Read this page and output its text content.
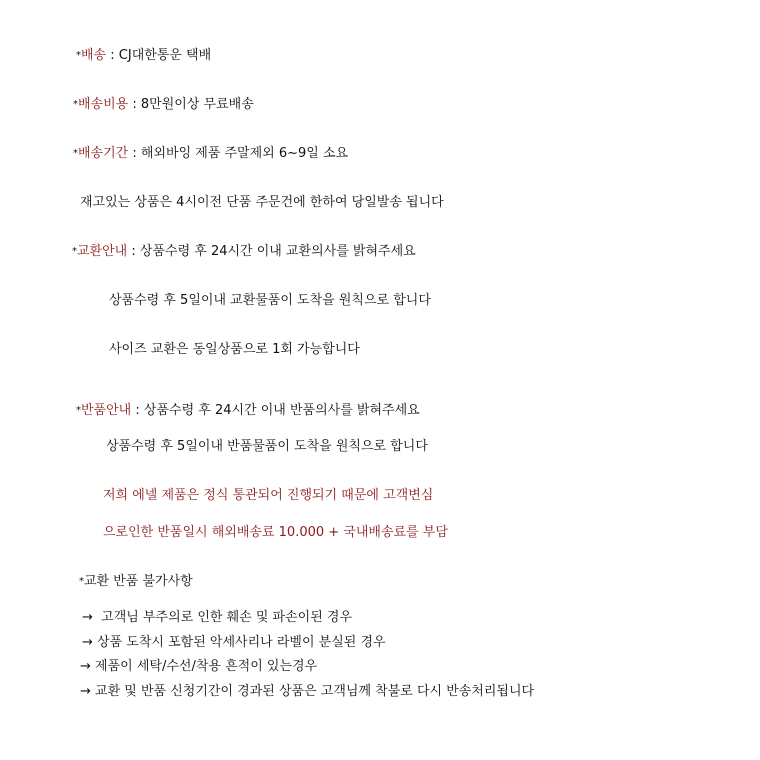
*배송 : CJ대한통운 택배
*배송비용 : 8만원이상 무료배송
*배송기간 : 해외바잉 제품 주말제외 6~9일 소요
재고있는 상품은 4시이전 단품 주문건에 한하여 당일발송 됩니다
*교환안내 : 상품수령 후 24시간 이내 교환의사를 밝혀주세요
상품수령 후 5일이내 교환물품이 도착을 원칙으로 합니다
사이즈 교환은 동일상품으로 1회 가능합니다
*반품안내 : 상품수령 후 24시간 이내 반품의사를 밝혀주세요
상품수령 후 5일이내 반품물품이 도착을 원칙으로 합니다
저희 에넬 제품은 정식 통관되어 진행되기 때문에 고객변심
으로인한 반품일시 해외배송료 10.000 + 국내배송료를 부담
*교환 반품 불가사항
→ 고객님 부주의로 인한 훼손 및 파손이된 경우
→ 상품 도착시 포함된 악세사리나 라벨이 분실된 경우
→ 제품이 세탁/수선/착용 흔적이 있는경우
→ 교환 및 반품 신청기간이 경과된 상품은 고객님께 착불로 다시 반송처리됩니다
